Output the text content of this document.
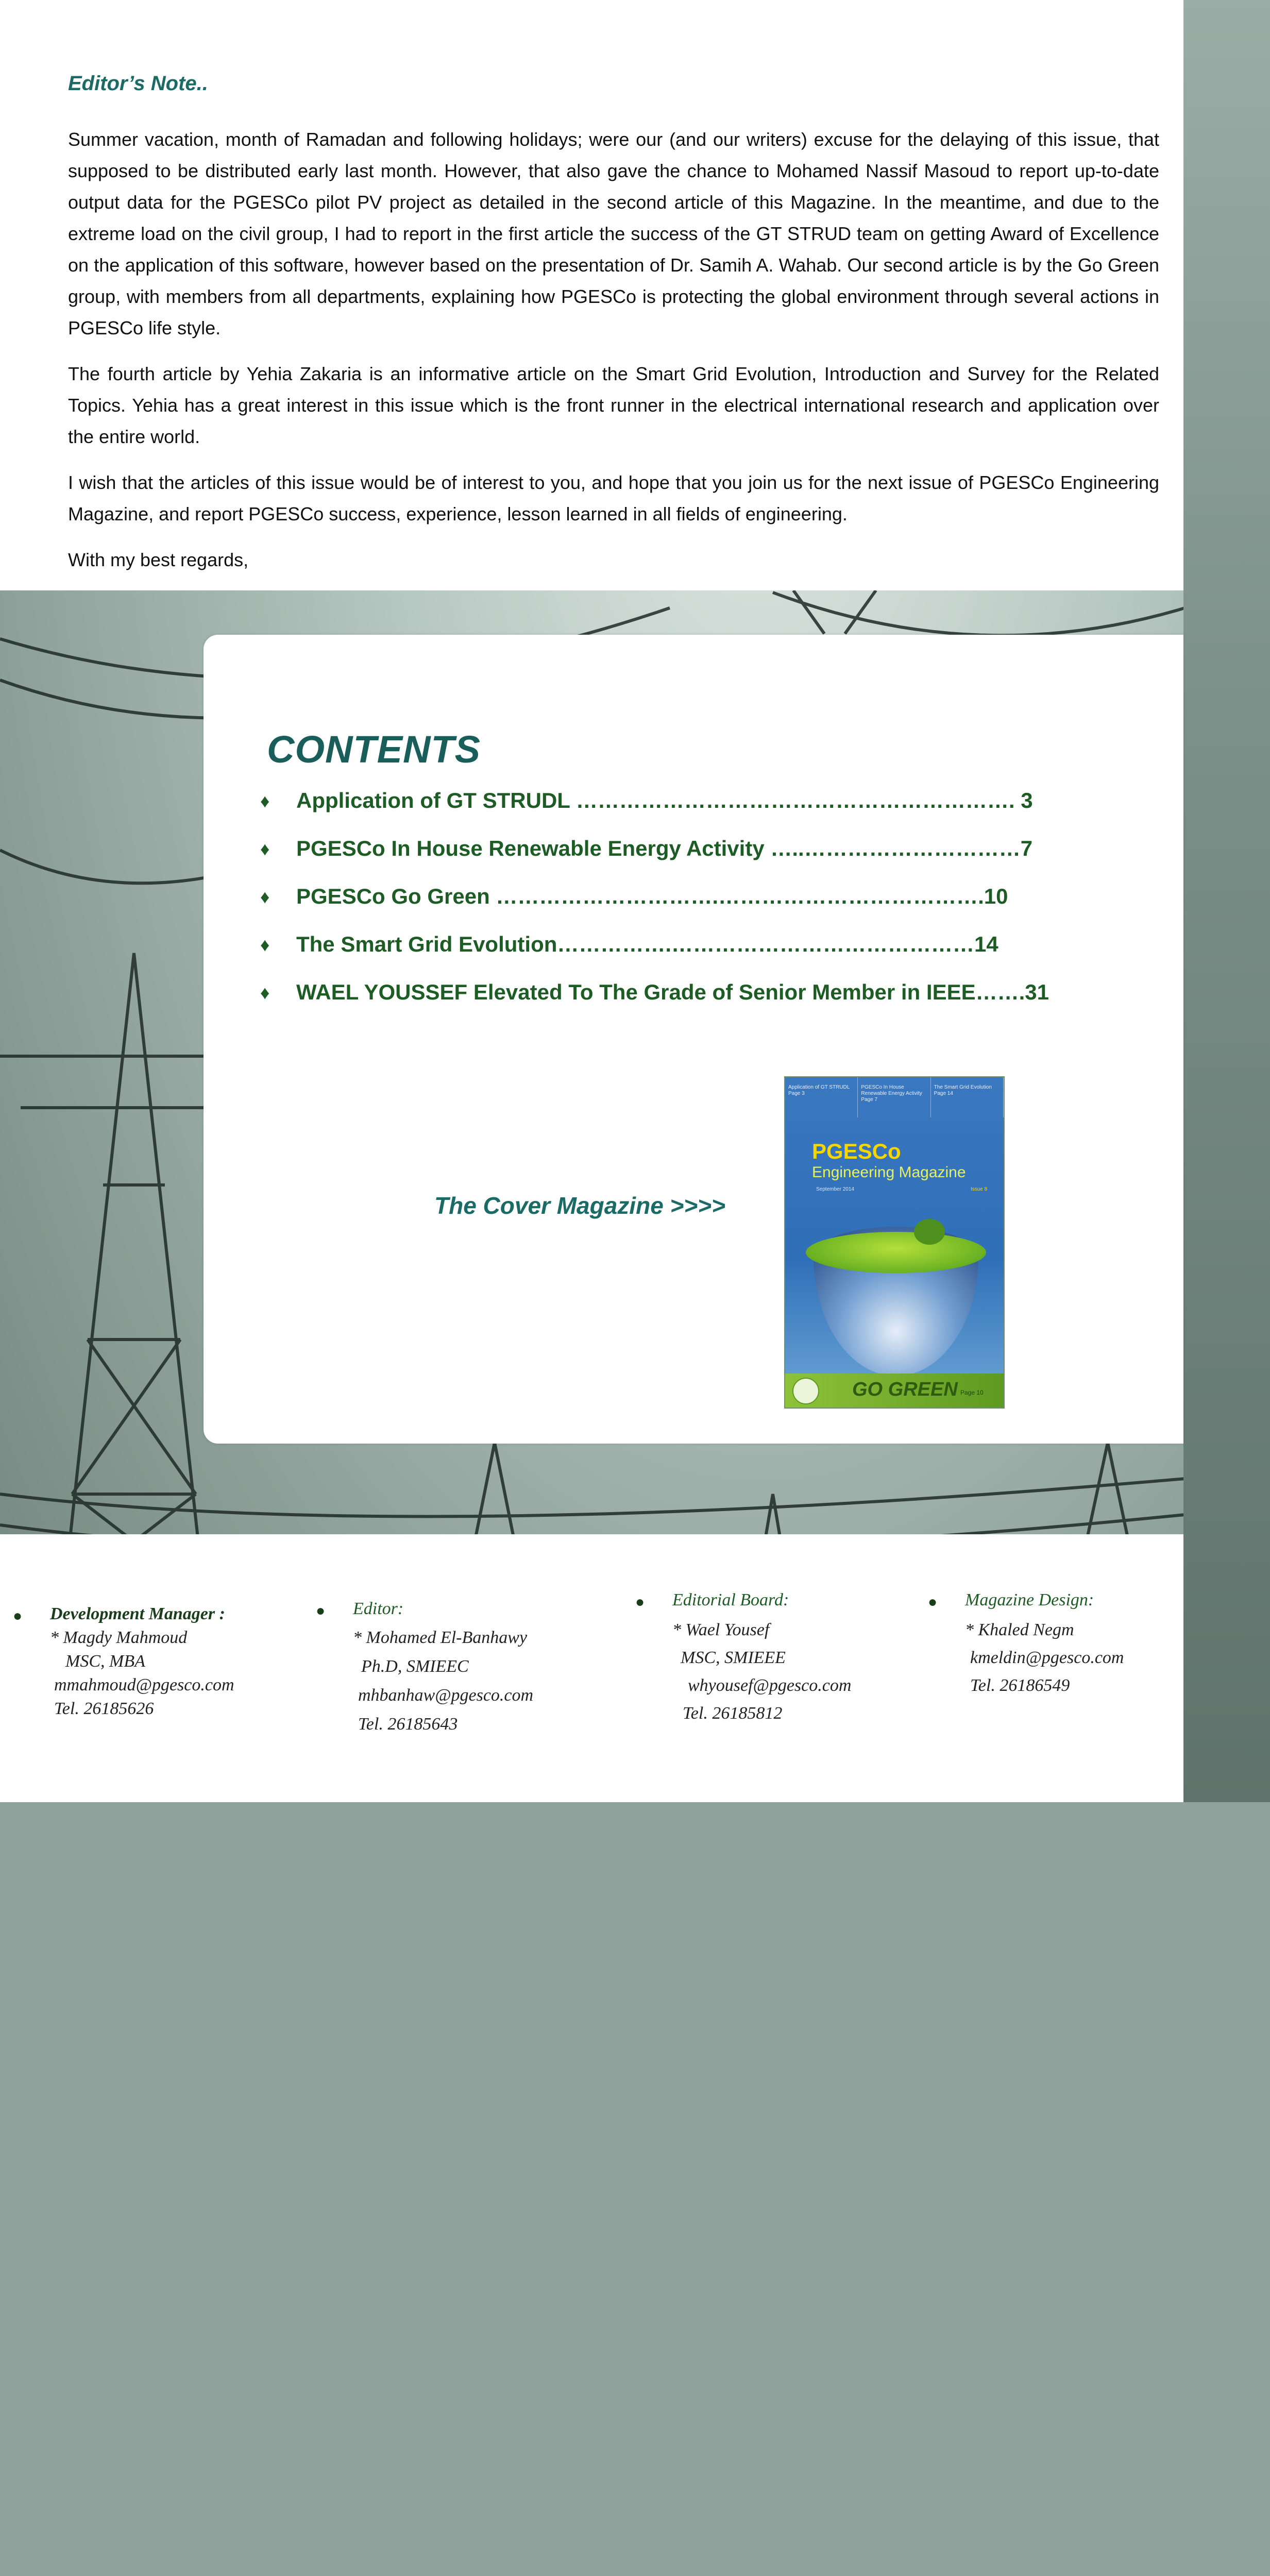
Editor’s Note..

Summer vacation, month of Ramadan and following holidays; were our (and our writers) excuse for the delaying of this issue, that supposed to be distributed early last month. However, that also gave the chance to Mohamed Nassif Masoud to report up-to-date output data for the PGESCo pilot PV project as detailed in the second article of this Magazine. In the meantime, and due to the extreme load on the civil group, I had to report in the first article the success of the GT STRUD team on getting Award of Excellence on the application of this software, however based on the presentation of Dr. Samih A. Wahab. Our second article is by the Go Green group, with members from all departments, explaining how PGESCo is protecting the global environment through several actions in PGESCo life style.

The fourth article by Yehia Zakaria is an informative article on the Smart Grid Evolution, Introduction and Survey for the Related Topics. Yehia has a great interest in this issue which is the front runner in the electrical international research and application over the entire world.

I wish that the articles of this issue would be of interest to you, and hope that you join us for the next issue of PGESCo Engineering Magazine, and report PGESCo success, experience, lesson learned in all fields of engineering.

With my best regards,

CONTENTS
♦ Application of GT STRUDL ……………………………………………………. 3
♦ PGESCo In House Renewable Energy Activity …..…………………………7
♦ PGESCo Go Green ………………………….……………………………….10
♦ The Smart Grid Evolution…………….……………………………………14
♦ WAEL YOUSSEF Elevated To The Grade of Senior Member in IEEE…….31
The Cover Magazine >>>>
Application of GT STRUDL Page 3
PGESCo In House Renewable Energy Activity Page 7
The Smart Grid Evolution Page 14
PGESCo
Engineering Magazine
September 2014	Issue 8
GO GREEN Page 10
● Development Manager :
* Magdy Mahmoud
MSC, MBA
mmahmoud@pgesco.com
Tel. 26185626
● Editor:
* Mohamed El-Banhawy
Ph.D, SMIEEC
mhbanhaw@pgesco.com
Tel. 26185643
● Editorial Board:
* Wael Yousef
MSC, SMIEEE
whyousef@pgesco.com
Tel. 26185812
● Magazine Design:
* Khaled Negm
kmeldin@pgesco.com
Tel. 26186549
